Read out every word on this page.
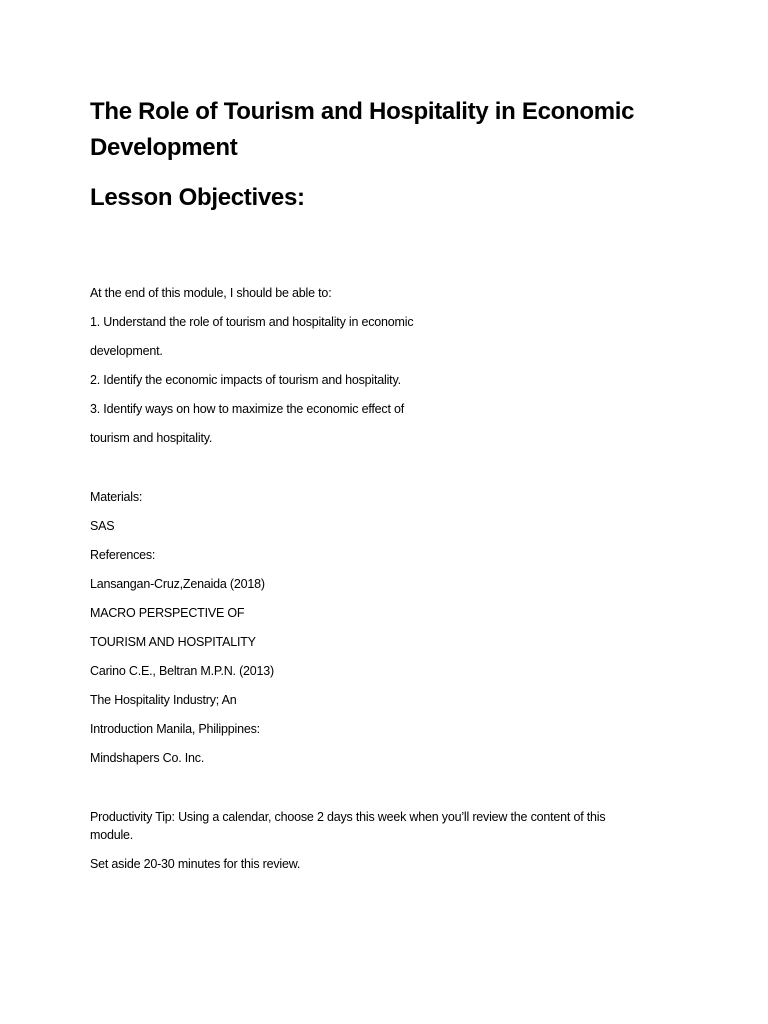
The Role of Tourism and Hospitality in Economic Development
Lesson Objectives:

At the end of this module, I should be able to:

1. Understand the role of tourism and hospitality in economic

development.

2. Identify the economic impacts of tourism and hospitality.

3. Identify ways on how to maximize the economic effect of

tourism and hospitality.

Materials:

SAS

References:

Lansangan-Cruz,Zenaida (2018)

MACRO PERSPECTIVE OF

TOURISM AND HOSPITALITY

Carino C.E., Beltran M.P.N. (2013)

The Hospitality Industry; An

Introduction Manila, Philippines:

Mindshapers Co. Inc.

Productivity Tip: Using a calendar, choose 2 days this week when you’ll review the content of this module.

Set aside 20-30 minutes for this review.
